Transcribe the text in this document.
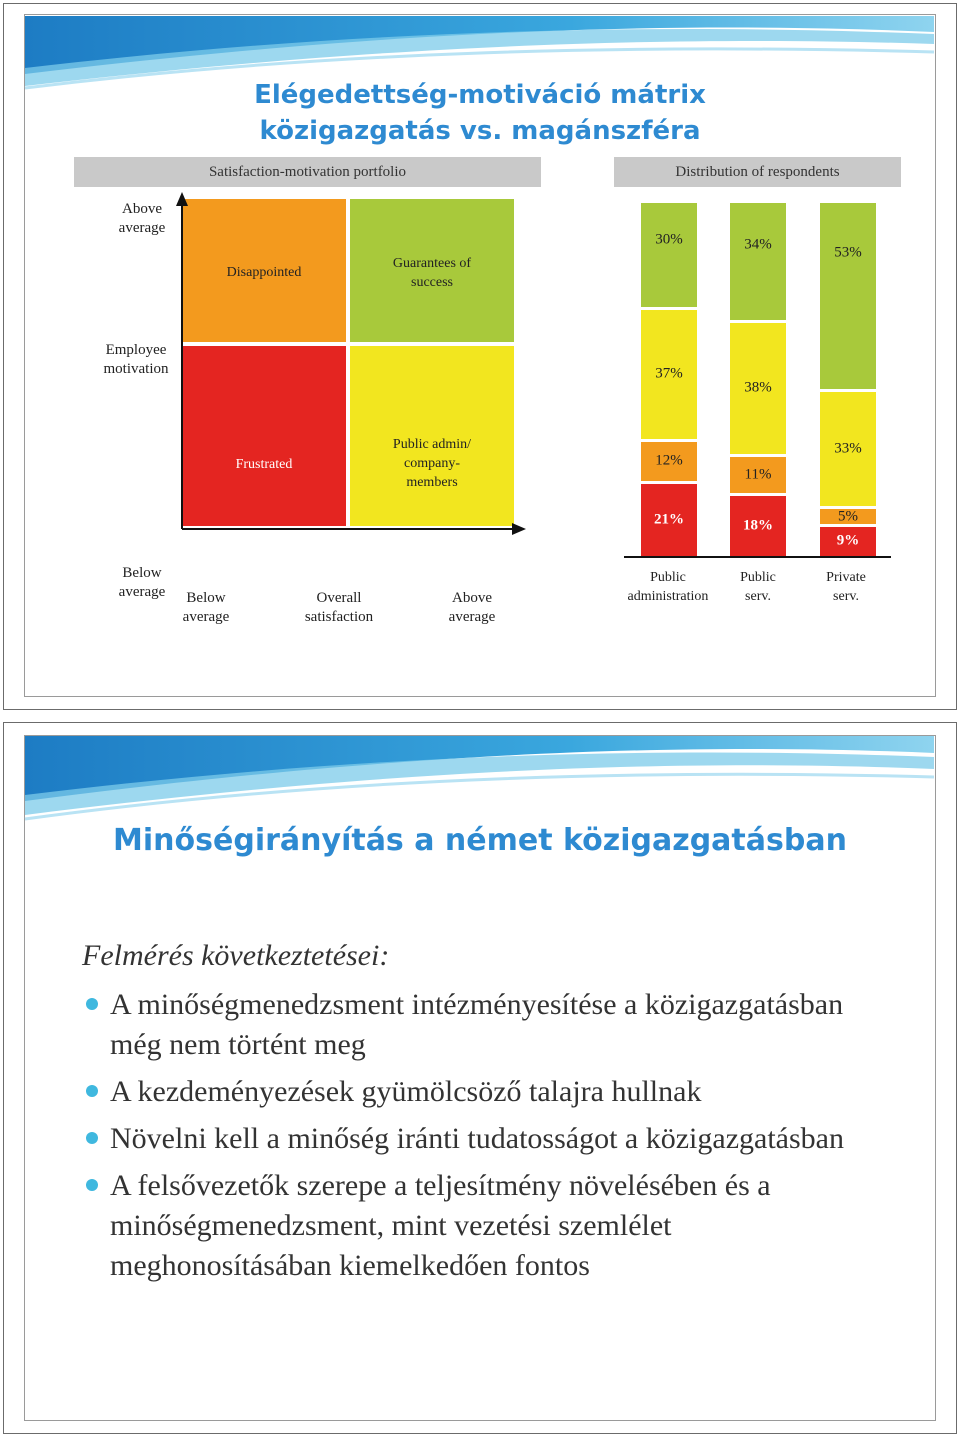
Elégedettség-motiváció mátrix
közigazgatás vs. magánszféra
Satisfaction-motivation portfolio
Disappointed
Guarantees of success
Frustrated
Public admin/ company-members
Above average
Employee motivation
Below average	Below average
Overall satisfaction
Above average
Distribution of respondents
21%
12%
37%
30%
18%
11%
38%
34%
9%
5%
33%
53%
Public administration
Public serv.
Private serv.
Minőségirányítás a német közigazgatásban
Felmérés következtetései:
A minőségmenedzsment intézményesítése a közigazgatásban még nem történt meg
A kezdeményezések gyümölcsöző talajra hullnak
Növelni kell a minőség iránti tudatosságot a közigazgatásban
A felsővezetők szerepe a teljesítmény növelésében és a minőségmenedzsment, mint vezetési szemlélet meghonosításában kiemelkedően fontos
